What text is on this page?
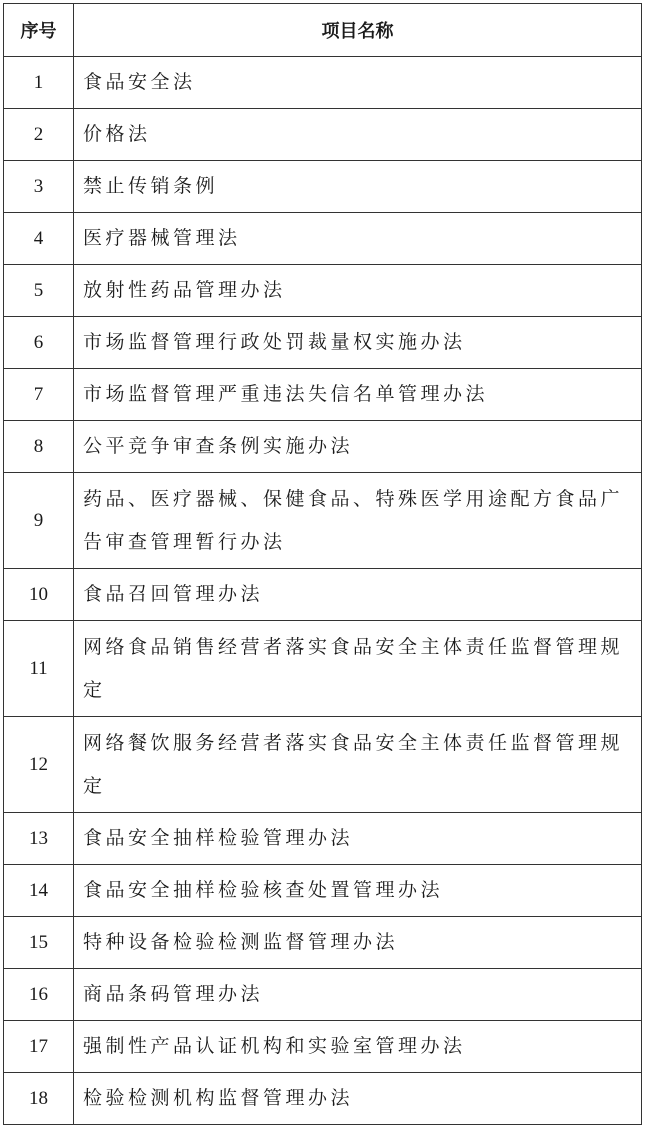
序号	项目名称
1	食品安全法
2	价格法
3	禁止传销条例
4	医疗器械管理法
5	放射性药品管理办法
6	市场监督管理行政处罚裁量权实施办法
7	市场监督管理严重违法失信名单管理办法
8	公平竞争审查条例实施办法
9	药品、医疗器械、保健食品、特殊医学用途配方食品广告审查管理暂行办法
10	食品召回管理办法
11	网络食品销售经营者落实食品安全主体责任监督管理规定
12	网络餐饮服务经营者落实食品安全主体责任监督管理规定
13	食品安全抽样检验管理办法
14	食品安全抽样检验核查处置管理办法
15	特种设备检验检测监督管理办法
16	商品条码管理办法
17	强制性产品认证机构和实验室管理办法
18	检验检测机构监督管理办法
